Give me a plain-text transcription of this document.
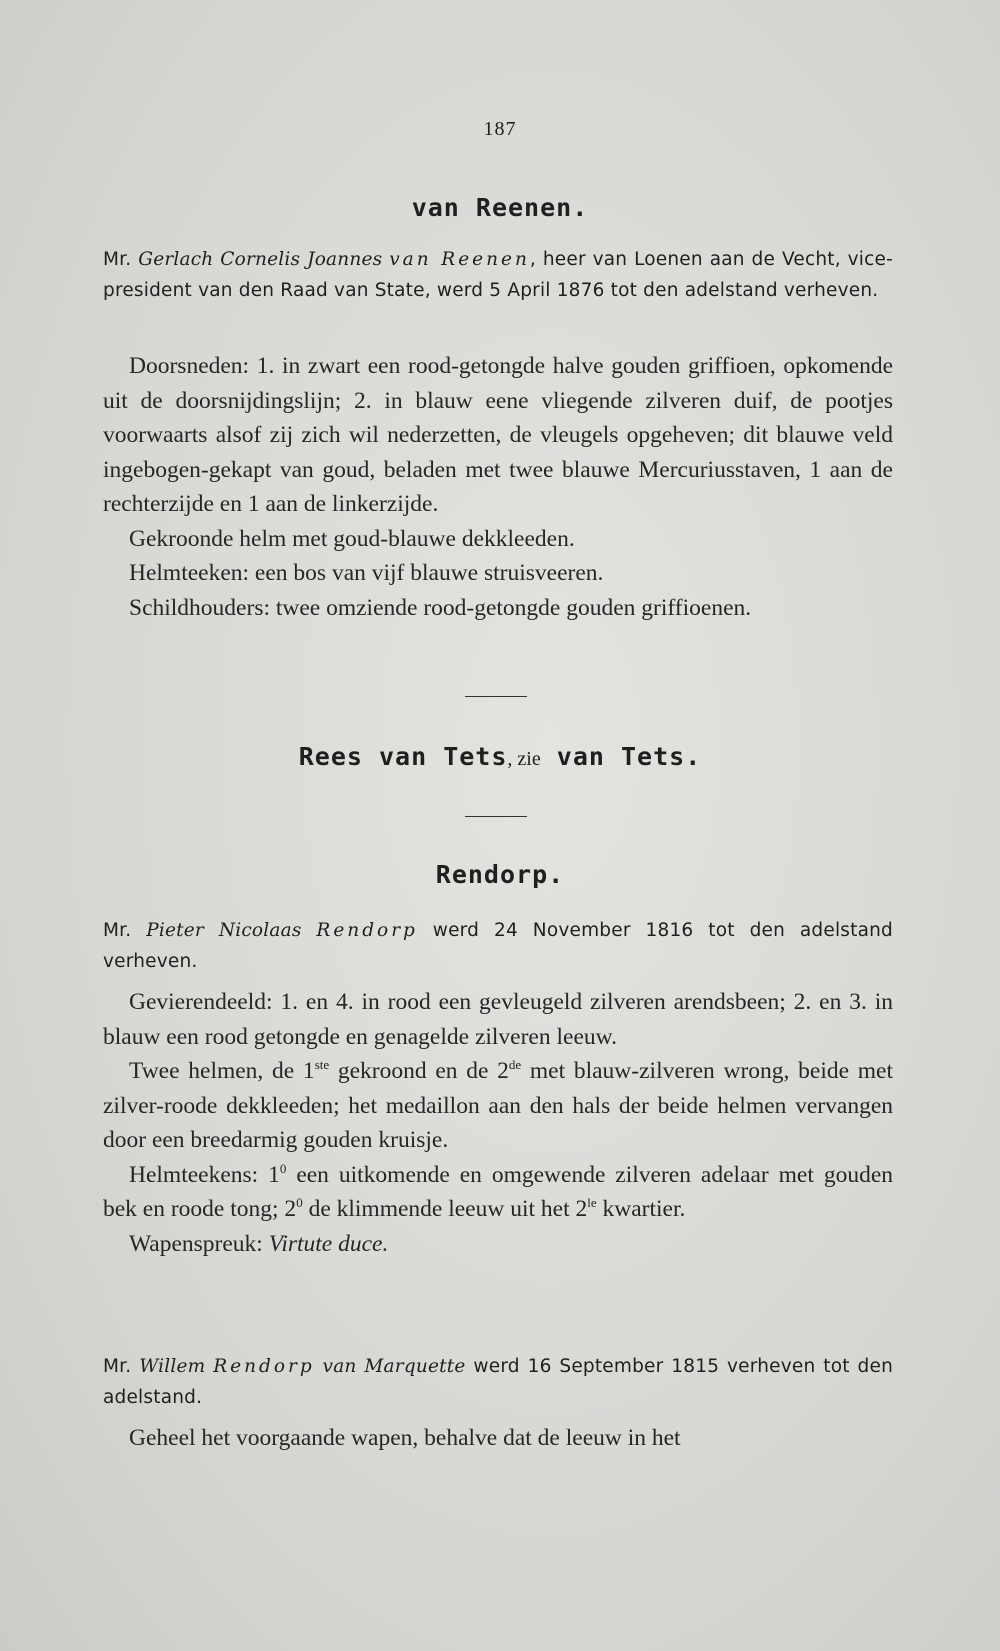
187
van Reenen.
Mr. Gerlach Cornelis Joannes van Reenen, heer van Loenen aan de Vecht, vice-president van den Raad van State, werd 5 April 1876 tot den adelstand verheven.

Doorsneden: 1. in zwart een rood-getongde halve gouden griffioen, opkomende uit de doorsnijdingslijn; 2. in blauw eene vliegende zilveren duif, de pootjes voorwaarts alsof zij zich wil nederzetten, de vleugels opgeheven; dit blauwe veld ingebogen-gekapt van goud, beladen met twee blauwe Mercuriusstaven, 1 aan de rechterzijde en 1 aan de linkerzijde.

Gekroonde helm met goud-blauwe dekkleeden.

Helmteeken: een bos van vijf blauwe struisveeren.

Schildhouders: twee omziende rood-getongde gouden griffioenen.

Rees van Tets, zie van Tets.
Rendorp.
Mr. Pieter Nicolaas Rendorp werd 24 November 1816 tot den adelstand verheven.

Gevierendeeld: 1. en 4. in rood een gevleugeld zilveren arendsbeen; 2. en 3. in blauw een rood getongde en genagelde zilveren leeuw.

Twee helmen, de 1ste gekroond en de 2de met blauw-zilveren wrong, beide met zilver-roode dekkleeden; het medaillon aan den hals der beide helmen vervangen door een breedarmig gouden kruisje.

Helmteekens: $1^0$ een uitkomende en omgewende zilveren adelaar met gouden bek en roode tong; $2^0$ de klimmende leeuw uit het $2^{le}$ kwartier.

Wapenspreuk: Virtute duce.

Mr. Willem Rendorp van Marquette werd 16 September 1815 verheven tot den adelstand.

Geheel het voorgaande wapen, behalve dat de leeuw in het
